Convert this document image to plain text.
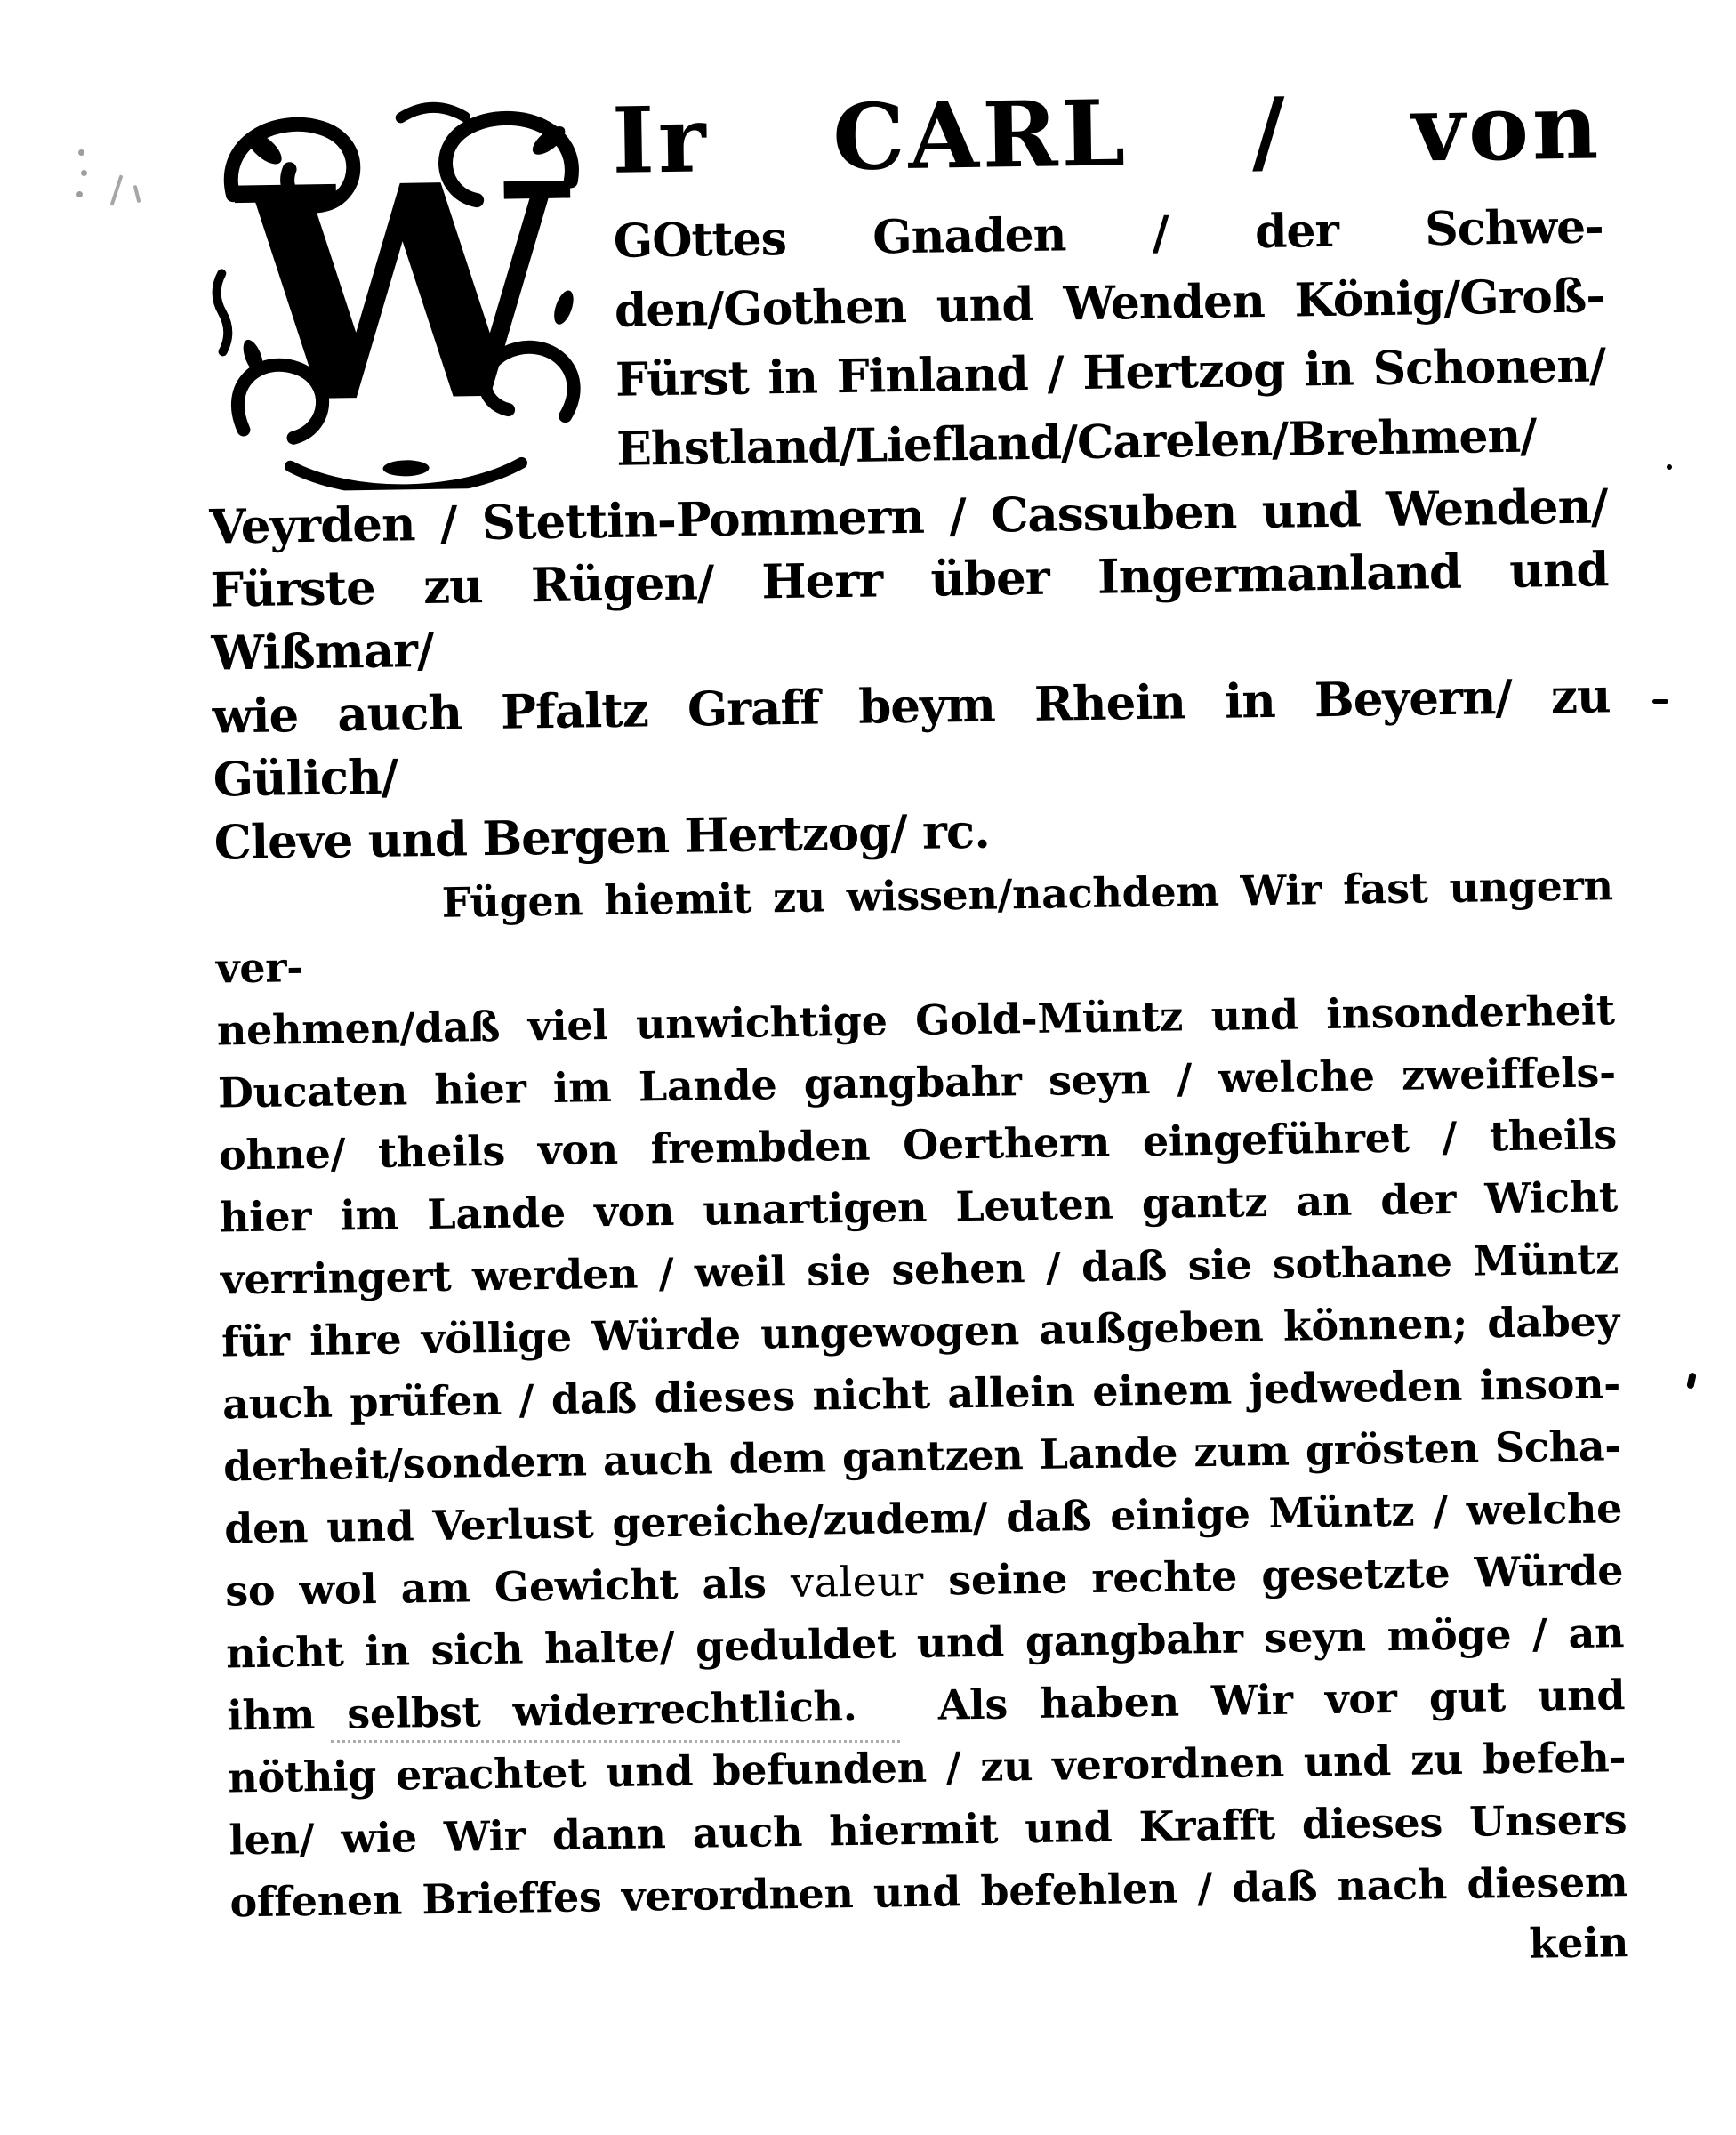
W Ir CARL / von
GOttes Gnaden / der Schwe-
den/Gothen und Wenden König/Groß-
Fürst in Finland / Hertzog in Schonen/
Ehstland/Liefland/Carelen/Brehmen/
Veyrden / Stettin-Pommern / Cassuben und Wenden/
Fürste zu Rügen/ Herr über Ingermanland und Wißmar/
wie auch Pfaltz Graff beym Rhein in Beyern/ zu Gülich/
Cleve und Bergen Hertzog/ rc.
Fügen hiemit zu wissen/nachdem Wir fast ungern ver-
nehmen/daß viel unwichtige Gold-Müntz und insonderheit
Ducaten hier im Lande gangbahr seyn / welche zweiffels-
ohne/ theils von frembden Oerthern eingeführet / theils
hier im Lande von unartigen Leuten gantz an der Wicht
verringert werden / weil sie sehen / daß sie sothane Müntz
für ihre völlige Würde ungewogen außgeben können; dabey
auch prüfen / daß dieses nicht allein einem jedweden inson-
derheit/sondern auch dem gantzen Lande zum grösten Scha-
den und Verlust gereiche/zudem/ daß einige Müntz / welche
so wol am Gewicht als valeur seine rechte gesetzte Würde
nicht in sich halte/ geduldet und gangbahr seyn möge / an
ihm selbst widerrechtlich.  Als haben Wir vor gut und
nöthig erachtet und befunden / zu verordnen und zu befeh-
len/ wie Wir dann auch hiermit und Krafft dieses Unsers
offenen Brieffes verordnen und befehlen / daß nach diesem
kein
